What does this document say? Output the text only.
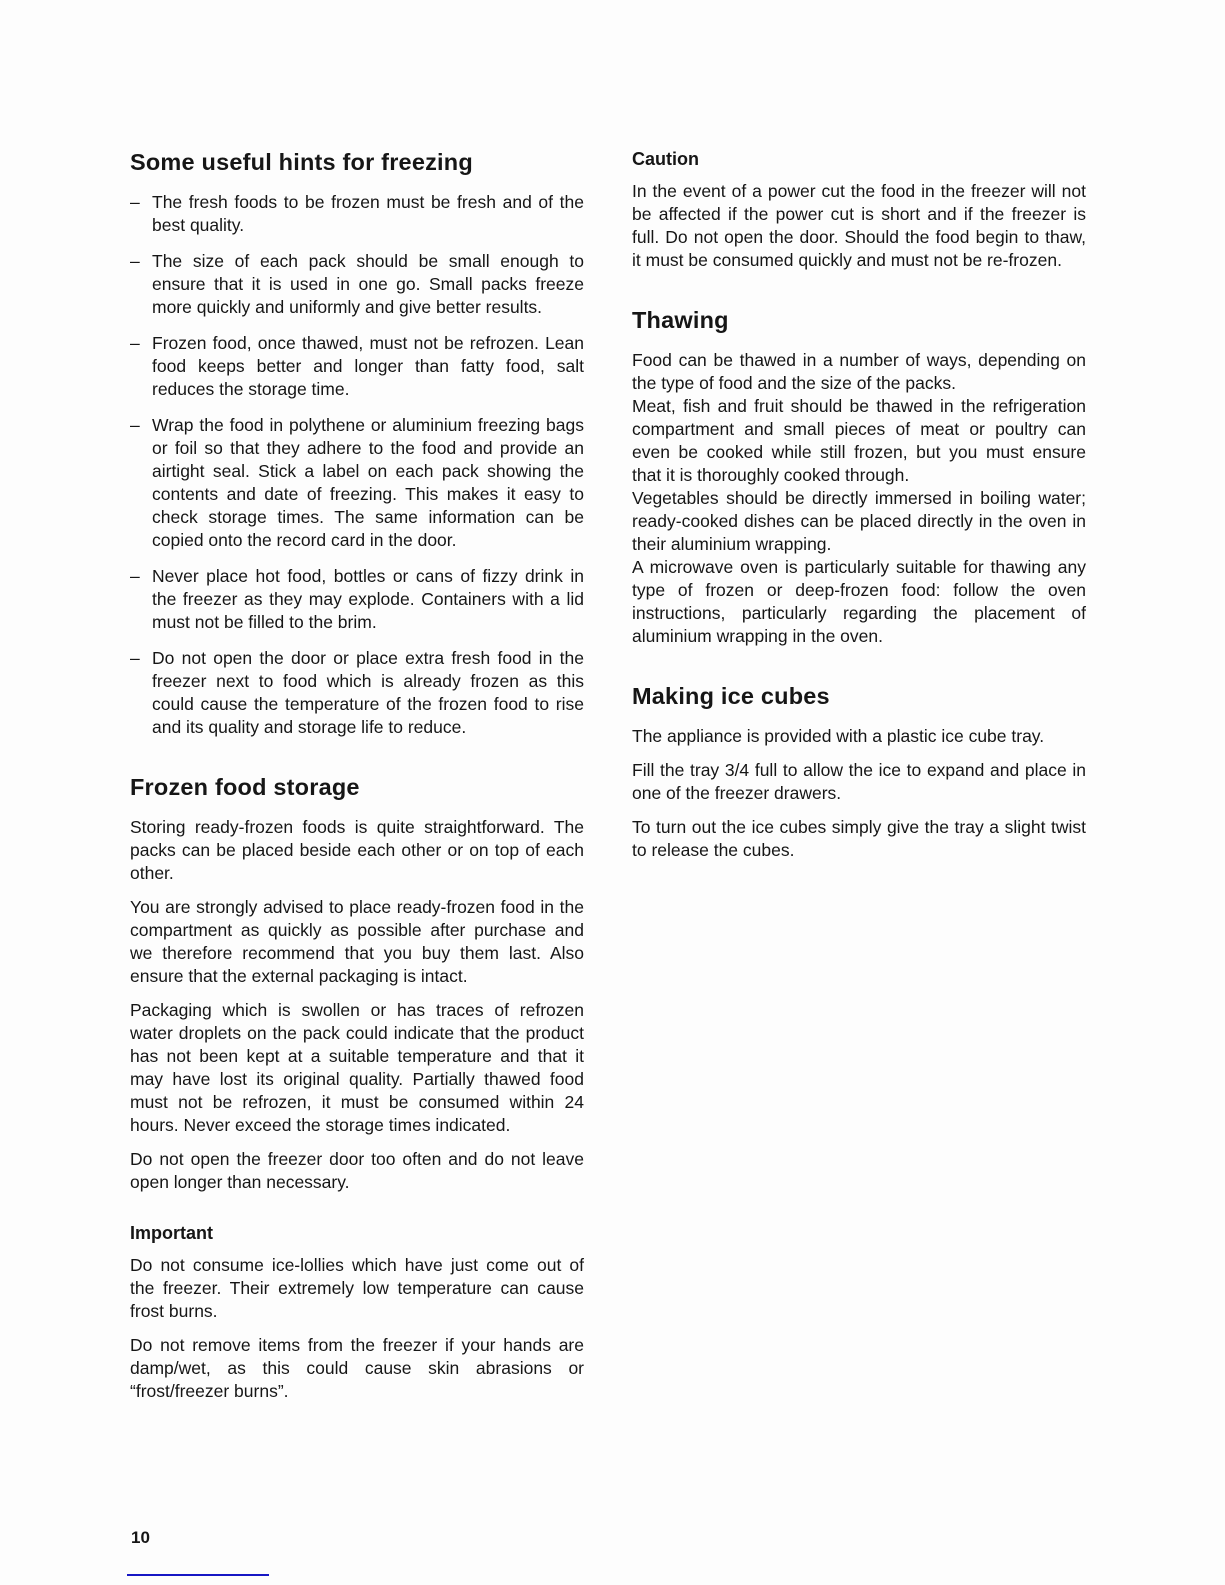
Some useful hints for freezing
– The fresh foods to be frozen must be fresh and of the best quality.
– The size of each pack should be small enough to ensure that it is used in one go. Small packs freeze more quickly and uniformly and give better results.
– Frozen food, once thawed, must not be refrozen. Lean food keeps better and longer than fatty food, salt reduces the storage time.
– Wrap the food in polythene or aluminium freezing bags or foil so that they adhere to the food and provide an airtight seal. Stick a label on each pack showing the contents and date of freezing. This makes it easy to check storage times. The same information can be copied onto the record card in the door.
– Never place hot food, bottles or cans of fizzy drink in the freezer as they may explode. Containers with a lid must not be filled to the brim.
– Do not open the door or place extra fresh food in the freezer next to food which is already frozen as this could cause the temperature of the frozen food to rise and its quality and storage life to reduce.
Frozen food storage

Storing ready-frozen foods is quite straightforward. The packs can be placed beside each other or on top of each other.

You are strongly advised to place ready-frozen food in the compartment as quickly as possible after purchase and we therefore recommend that you buy them last. Also ensure that the external packaging is intact.

Packaging which is swollen or has traces of refrozen water droplets on the pack could indicate that the product has not been kept at a suitable temperature and that it may have lost its original quality. Partially thawed food must not be refrozen, it must be consumed within 24 hours. Never exceed the storage times indicated.

Do not open the freezer door too often and do not leave open longer than necessary.

Important

Do not consume ice-lollies which have just come out of the freezer. Their extremely low temperature can cause frost burns.

Do not remove items from the freezer if your hands are damp/wet, as this could cause skin abrasions or “frost/freezer burns”.

Caution

In the event of a power cut the food in the freezer will not be affected if the power cut is short and if the freezer is full. Do not open the door. Should the food begin to thaw, it must be consumed quickly and must not be re-frozen.

Thawing

Food can be thawed in a number of ways, depending on the type of food and the size of the packs.

Meat, fish and fruit should be thawed in the refrigeration compartment and small pieces of meat or poultry can even be cooked while still frozen, but you must ensure that it is thoroughly cooked through.

Vegetables should be directly immersed in boiling water; ready-cooked dishes can be placed directly in the oven in their aluminium wrapping.

A microwave oven is particularly suitable for thawing any type of frozen or deep-frozen food: follow the oven instructions, particularly regarding the placement of aluminium wrapping in the oven.

Making ice cubes

The appliance is provided with a plastic ice cube tray.

Fill the tray 3/4 full to allow the ice to expand and place in one of the freezer drawers.

To turn out the ice cubes simply give the tray a slight twist to release the cubes.

10
